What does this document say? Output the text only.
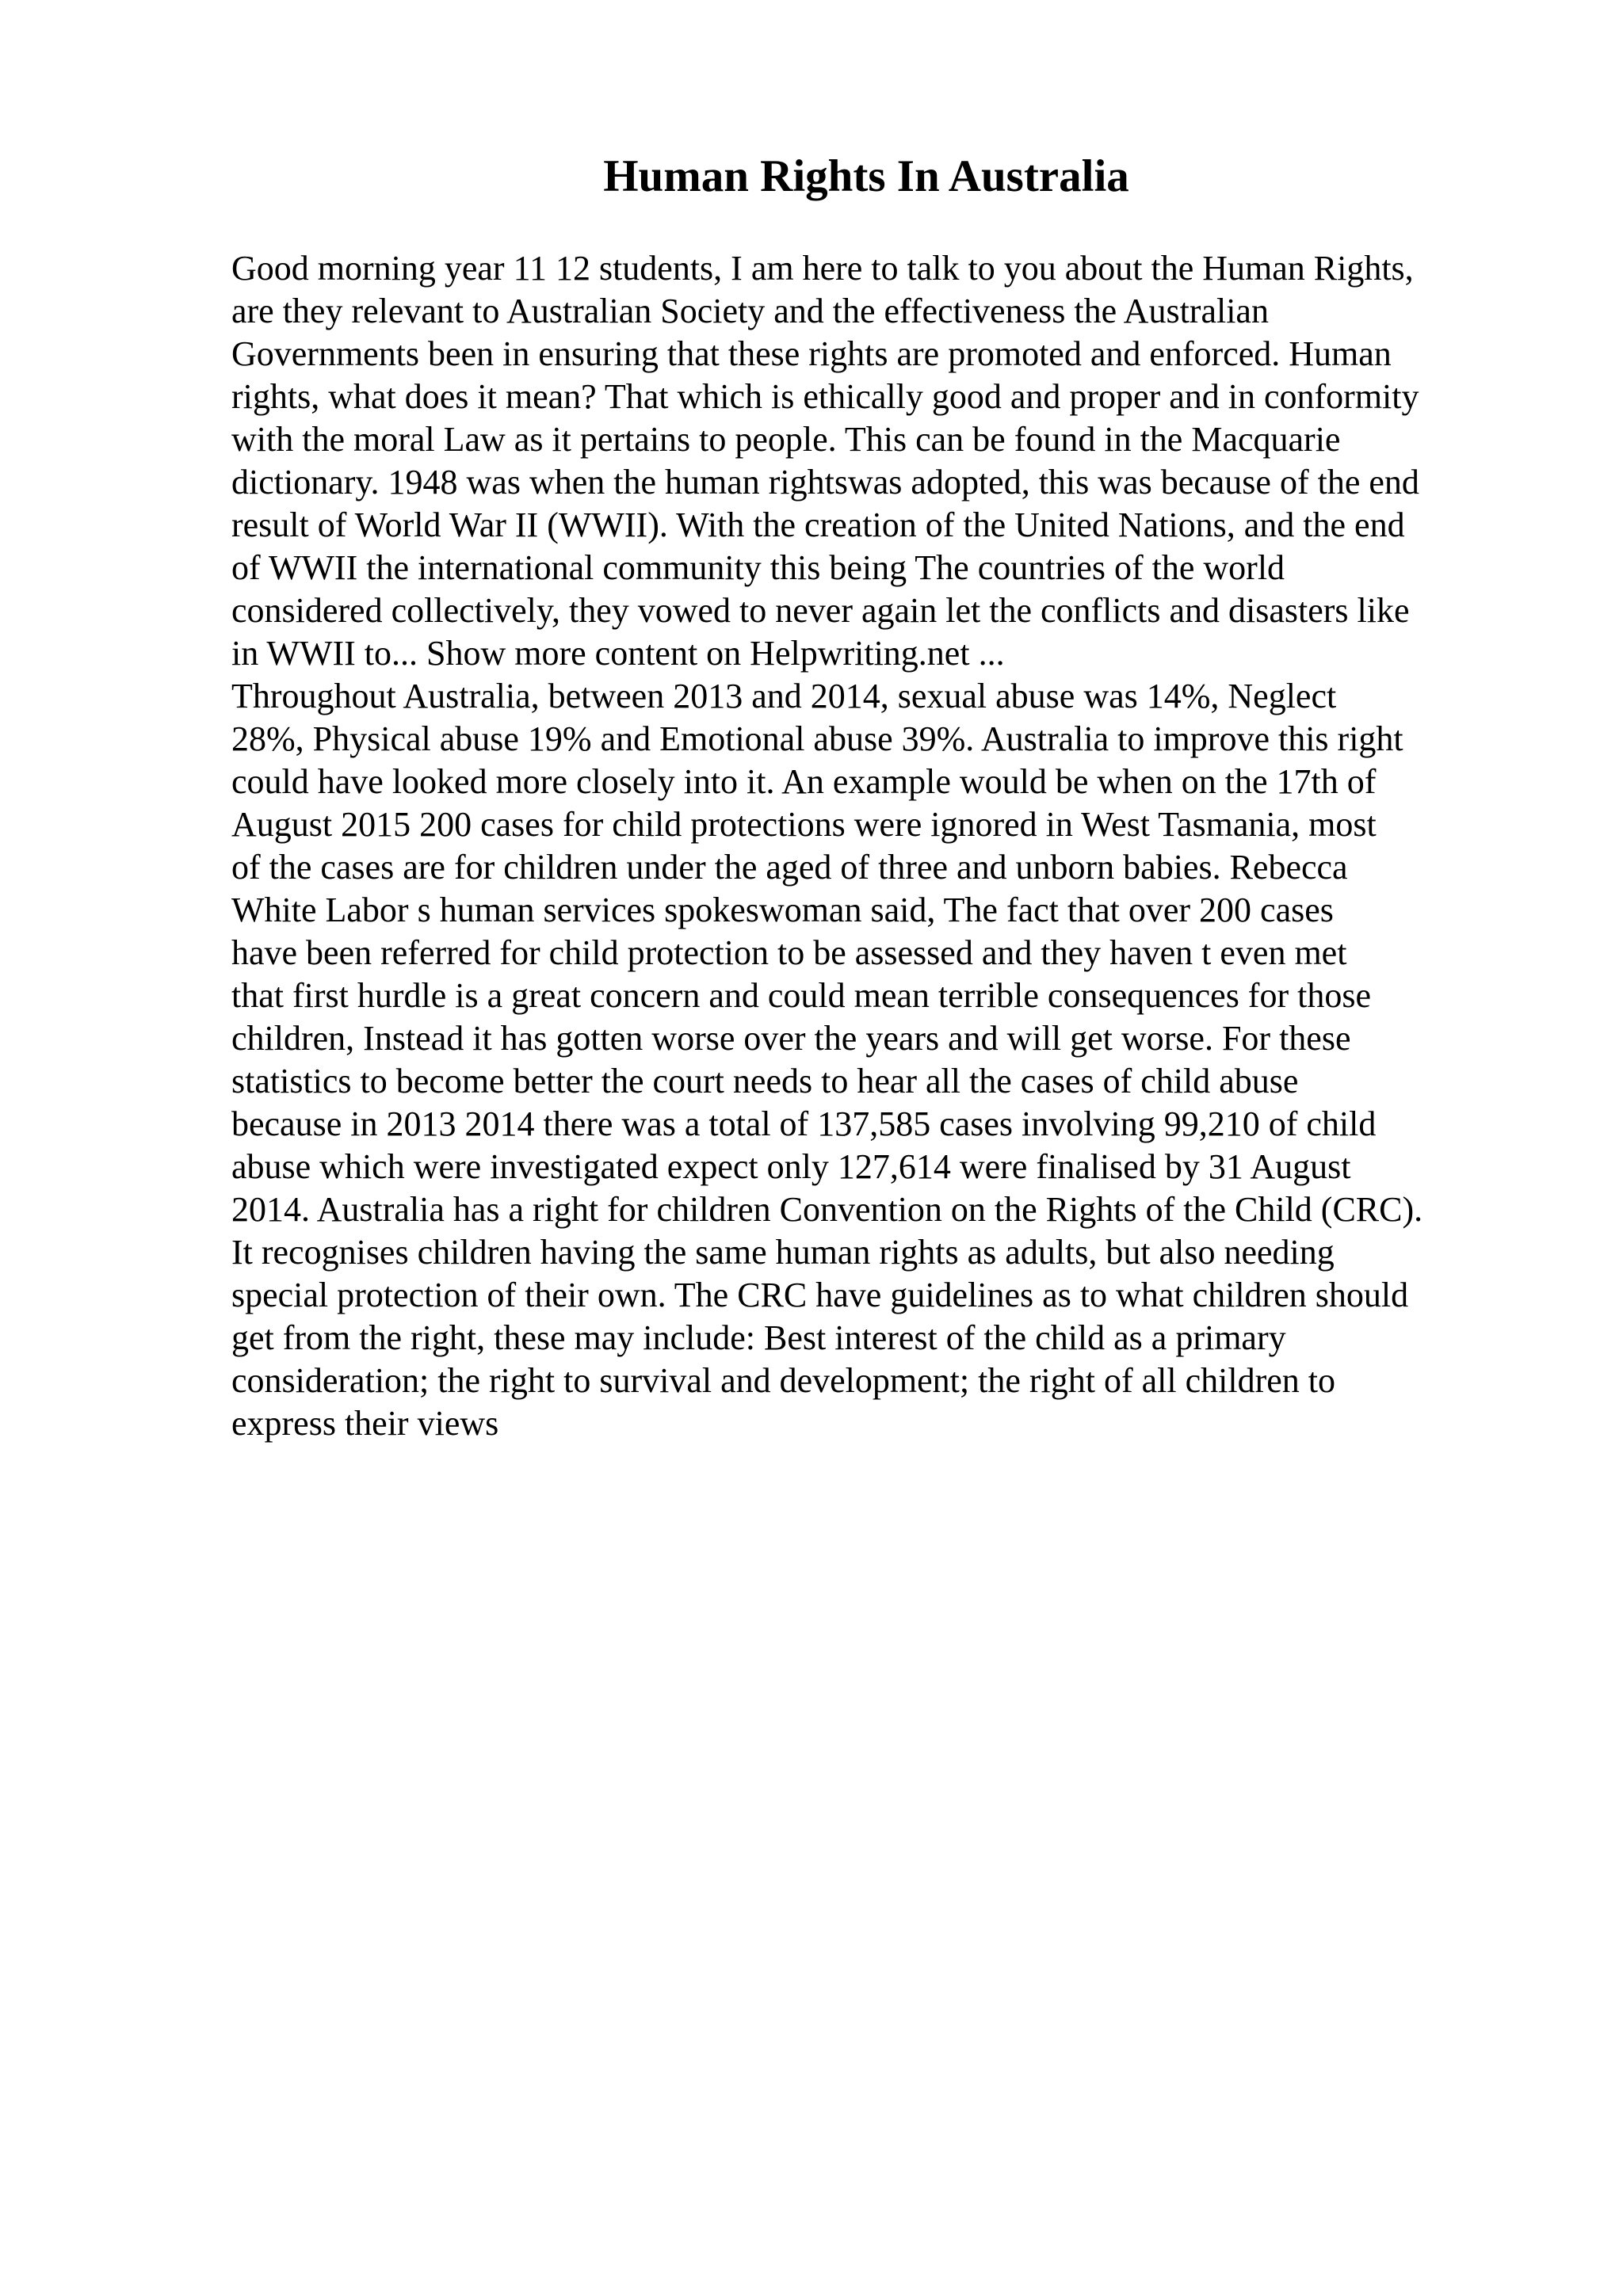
Human Rights In Australia
Good morning year 11 12 students, I am here to talk to you about the Human Rights,
are they relevant to Australian Society and the effectiveness the Australian
Governments been in ensuring that these rights are promoted and enforced. Human
rights, what does it mean? That which is ethically good and proper and in conformity
with the moral Law as it pertains to people. This can be found in the Macquarie
dictionary. 1948 was when the human rightswas adopted, this was because of the end
result of World War II (WWII). With the creation of the United Nations, and the end
of WWII the international community this being The countries of the world
considered collectively, they vowed to never again let the conflicts and disasters like
in WWII to... Show more content on Helpwriting.net ...
Throughout Australia, between 2013 and 2014, sexual abuse was 14%, Neglect
28%, Physical abuse 19% and Emotional abuse 39%. Australia to improve this right
could have looked more closely into it. An example would be when on the 17th of
August 2015 200 cases for child protections were ignored in West Tasmania, most
of the cases are for children under the aged of three and unborn babies. Rebecca
White Labor s human services spokeswoman said, The fact that over 200 cases
have been referred for child protection to be assessed and they haven t even met
that first hurdle is a great concern and could mean terrible consequences for those
children, Instead it has gotten worse over the years and will get worse. For these
statistics to become better the court needs to hear all the cases of child abuse
because in 2013 2014 there was a total of 137,585 cases involving 99,210 of child
abuse which were investigated expect only 127,614 were finalised by 31 August
2014. Australia has a right for children Convention on the Rights of the Child (CRC).
It recognises children having the same human rights as adults, but also needing
special protection of their own. The CRC have guidelines as to what children should
get from the right, these may include: Best interest of the child as a primary
consideration; the right to survival and development; the right of all children to
express their views
